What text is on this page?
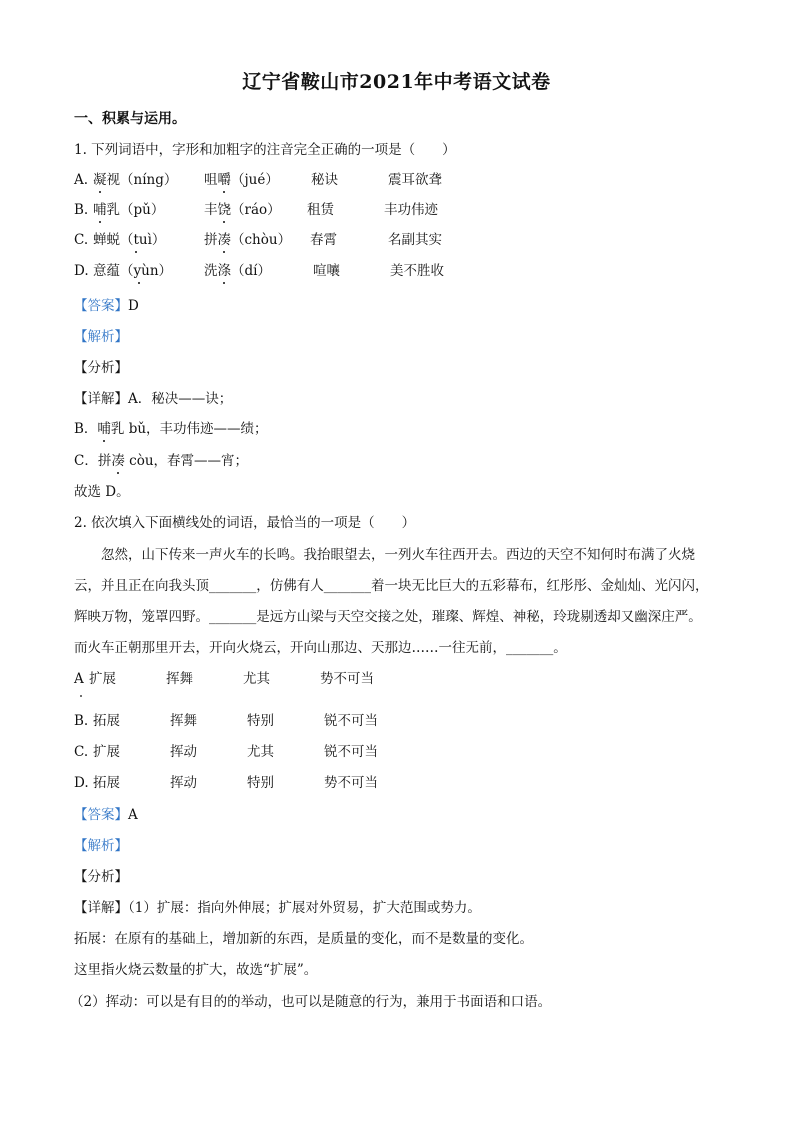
辽宁省鞍山市2021年中考语文试卷
一、积累与运用。
1. 下列词语中，字形和加粗字的注音完全正确的一项是（　　）
A. 凝视（níng） 咀嚼（jué） 秘诀	震耳欲聋
B. 哺乳（pǔ）	丰饶（ráo） 租赁	丰功伟迹
C. 蝉蜕（tuì）	拼凑（chòu） 春霄	名副其实
D. 意蕴（yùn） 洗涤（dí）	喧嚷	美不胜收
【答案】D
【解析】
【分析】
【详解】A．秘决——诀；
B．哺乳 bǔ，丰功伟迹——绩；
C．拼凑 còu，春霄——宵；
故选 D。
2. 依次填入下面横线处的词语，最恰当的一项是（　　）
　　忽然，山下传来一声火车的长鸣。我抬眼望去，一列火车往西开去。西边的天空不知何时布满了火烧
云，并且正在向我头顶_______，仿佛有人_______着一块无比巨大的五彩幕布，红彤彤、金灿灿、光闪闪，
辉映万物，笼罩四野。_______是远方山梁与天空交接之处，璀璨、辉煌、神秘，玲珑剔透却又幽深庄严。
而火车正朝那里开去，开向火烧云，开向山那边、天那边……一往无前，_______。
A 扩展	挥舞	尤其	势不可当
B. 拓展	挥舞	特别	锐不可当
C. 扩展	挥动	尤其	锐不可当
D. 拓展	挥动	特别	势不可当
【答案】A
【解析】
【分析】
【详解】（1）扩展：指向外伸展；扩展对外贸易，扩大范围或势力。
拓展：在原有的基础上，增加新的东西，是质量的变化，而不是数量的变化。
这里指火烧云数量的扩大，故选“扩展”。
（2）挥动：可以是有目的的举动，也可以是随意的行为，兼用于书面语和口语。
